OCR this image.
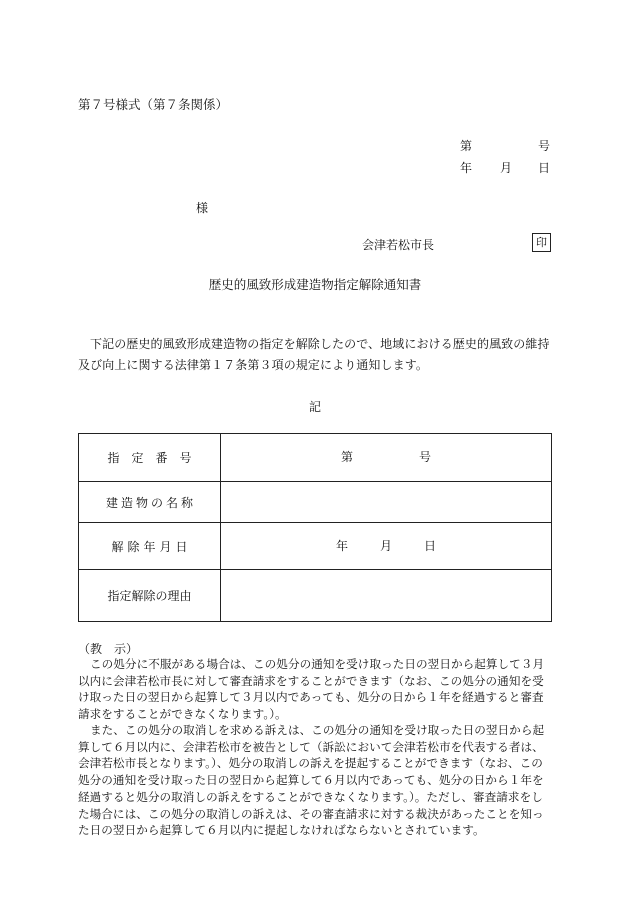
第７号様式（第７条関係）
第	号
年 月 日
様
会津若松市長	印
歴史的風致形成建造物指定解除通知書
下記の歴史的風致形成建造物の指定を解除したので、地域における歴史的風致の維持及び向上に関する法律第１７条第３項の規定により通知します。
記
指定番号	第 号

建造物の名称	
解除年月日	年 月 日

指定解除の理由	
（教　示）
この処分に不服がある場合は、この処分の通知を受け取った日の翌日から起算して３月以内に会津若松市長に対して審査請求をすることができます（なお、この処分の通知を受け取った日の翌日から起算して３月以内であっても、処分の日から１年を経過すると審査請求をすることができなくなります。）。
また、この処分の取消しを求める訴えは、この処分の通知を受け取った日の翌日から起算して６月以内に、会津若松市を被告として（訴訟において会津若松市を代表する者は、会津若松市長となります。）、処分の取消しの訴えを提起することができます（なお、この処分の通知を受け取った日の翌日から起算して６月以内であっても、処分の日から１年を経過すると処分の取消しの訴えをすることができなくなります。）。ただし、審査請求をした場合には、この処分の取消しの訴えは、その審査請求に対する裁決があったことを知った日の翌日から起算して６月以内に提起しなければならないとされています。
